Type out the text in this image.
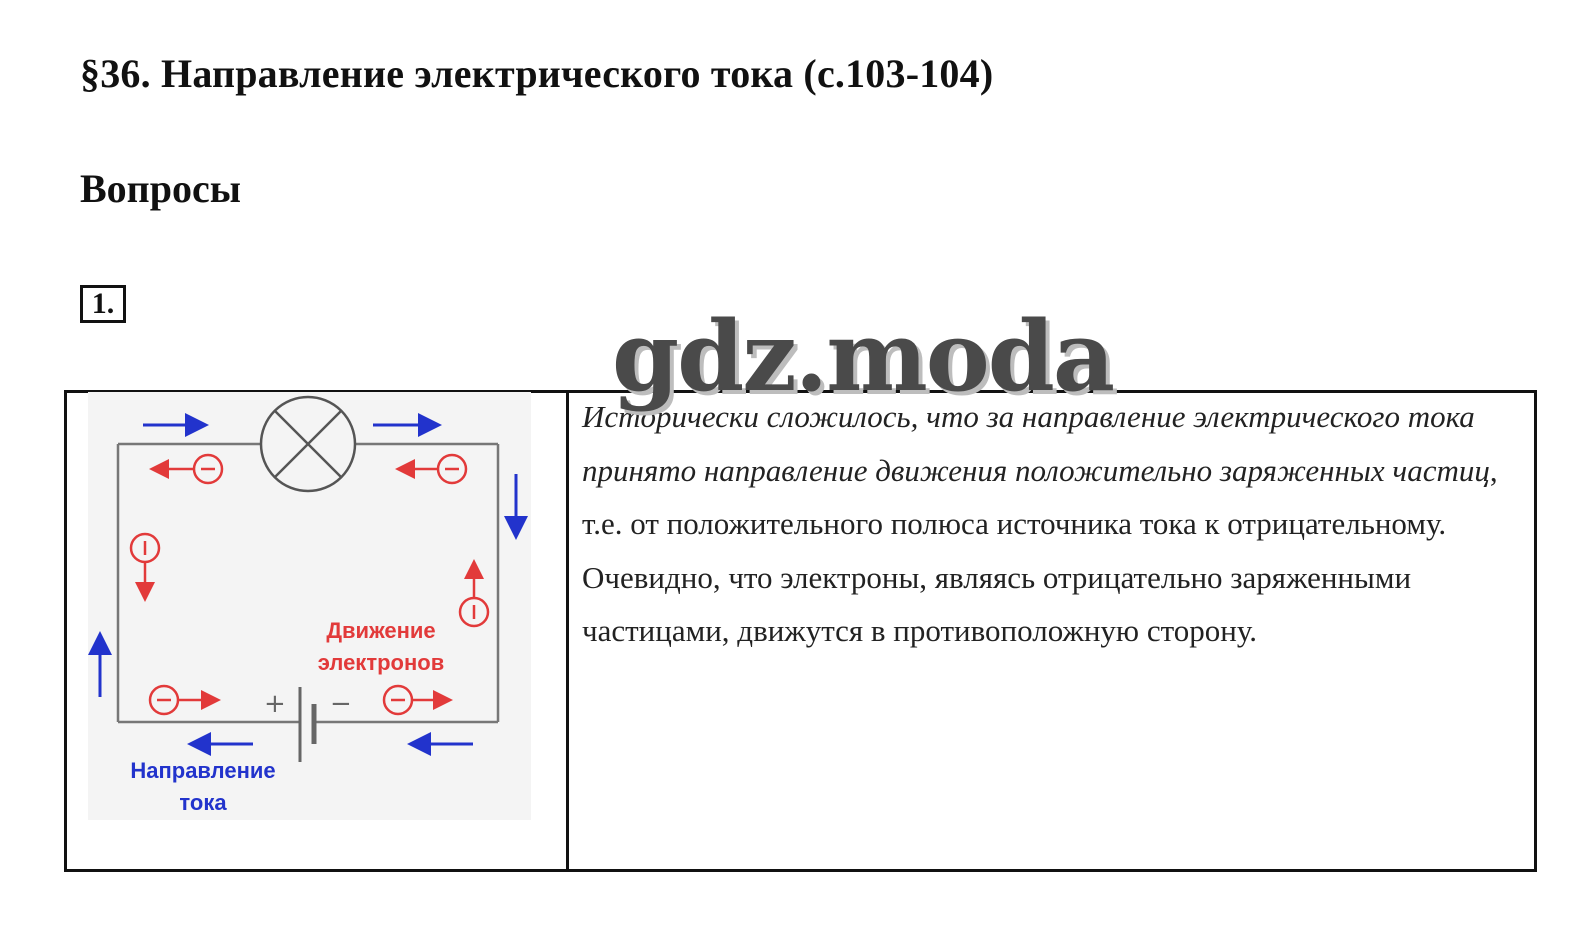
§36. Направление электрического тока (с.103-104)
Вопросы
1.
+ −
Движение
электронов
Направление
тока

Исторически сложилось, что за направление электрического тока принято направление движения положительно заряженных частиц, т.е. от положительного полюса источника тока к отрицательному.

Очевидно, что электроны, являясь отрицательно заряженными частицами, движутся в противоположную сторону.

gdz.moda
